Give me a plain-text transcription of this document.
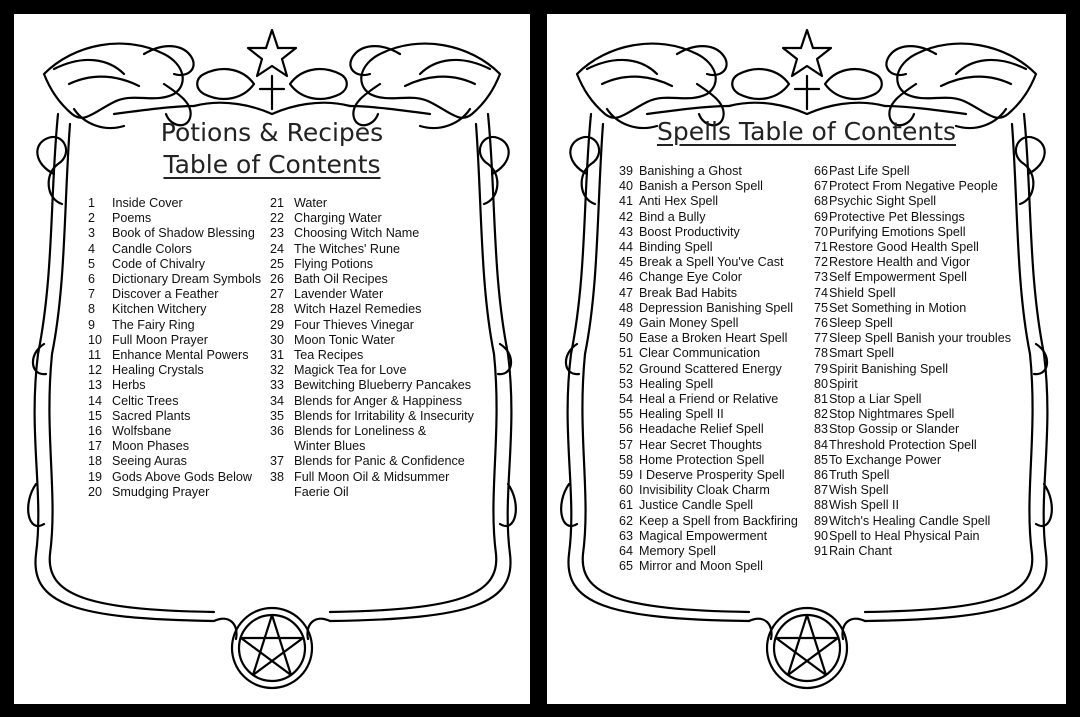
Potions & Recipes
Table of Contents
1	Inside Cover
2	Poems
3	Book of Shadow Blessing
4	Candle Colors
5	Code of Chivalry
6	Dictionary Dream Symbols
7	Discover a Feather
8	Kitchen Witchery
9	The Fairy Ring
10 Full Moon Prayer
11 Enhance Mental Powers
12 Healing Crystals
13 Herbs
14 Celtic Trees
15 Sacred Plants
16 Wolfsbane
17 Moon Phases
18 Seeing Auras
19 Gods Above Gods Below
20 Smudging Prayer
21 Water
22 Charging Water
23 Choosing Witch Name
24 The Witches' Rune
25 Flying Potions
26 Bath Oil Recipes
27 Lavender Water
28 Witch Hazel Remedies
29 Four Thieves Vinegar
30 Moon Tonic Water
31 Tea Recipes
32 Magick Tea for Love
33 Bewitching Blueberry Pancakes
34 Blends for Anger & Happiness
35 Blends for Irritability & Insecurity
36 Blends for Loneliness &
Winter Blues
37 Blends for Panic & Confidence
38 Full Moon Oil & Midsummer
Faerie Oil
Spells Table of Contents
39 Banishing a Ghost
40 Banish a Person Spell
41 Anti Hex Spell
42 Bind a Bully
43 Boost Productivity
44 Binding Spell
45 Break a Spell You've Cast
46 Change Eye Color
47 Break Bad Habits
48 Depression Banishing Spell
49 Gain Money Spell
50 Ease a Broken Heart Spell
51 Clear Communication
52 Ground Scattered Energy
53 Healing Spell
54 Heal a Friend or Relative
55 Healing Spell II
56 Headache Relief Spell
57 Hear Secret Thoughts
58 Home Protection Spell
59 I Deserve Prosperity Spell
60 Invisibility Cloak Charm
61 Justice Candle Spell
62 Keep a Spell from Backfiring
63 Magical Empowerment
64 Memory Spell
65 Mirror and Moon Spell
66 Past Life Spell
67 Protect From Negative People
68 Psychic Sight Spell
69 Protective Pet Blessings
70 Purifying Emotions Spell
71 Restore Good Health Spell
72 Restore Health and Vigor
73 Self Empowerment Spell
74 Shield Spell
75 Set Something in Motion
76 Sleep Spell
77 Sleep Spell Banish your troubles
78 Smart Spell
79 Spirit Banishing Spell
80 Spirit
81 Stop a Liar Spell
82 Stop Nightmares Spell
83 Stop Gossip or Slander
84 Threshold Protection Spell
85 To Exchange Power
86 Truth Spell
87 Wish Spell
88 Wish Spell II
89 Witch's Healing Candle Spell
90 Spell to Heal Physical Pain
91 Rain Chant
